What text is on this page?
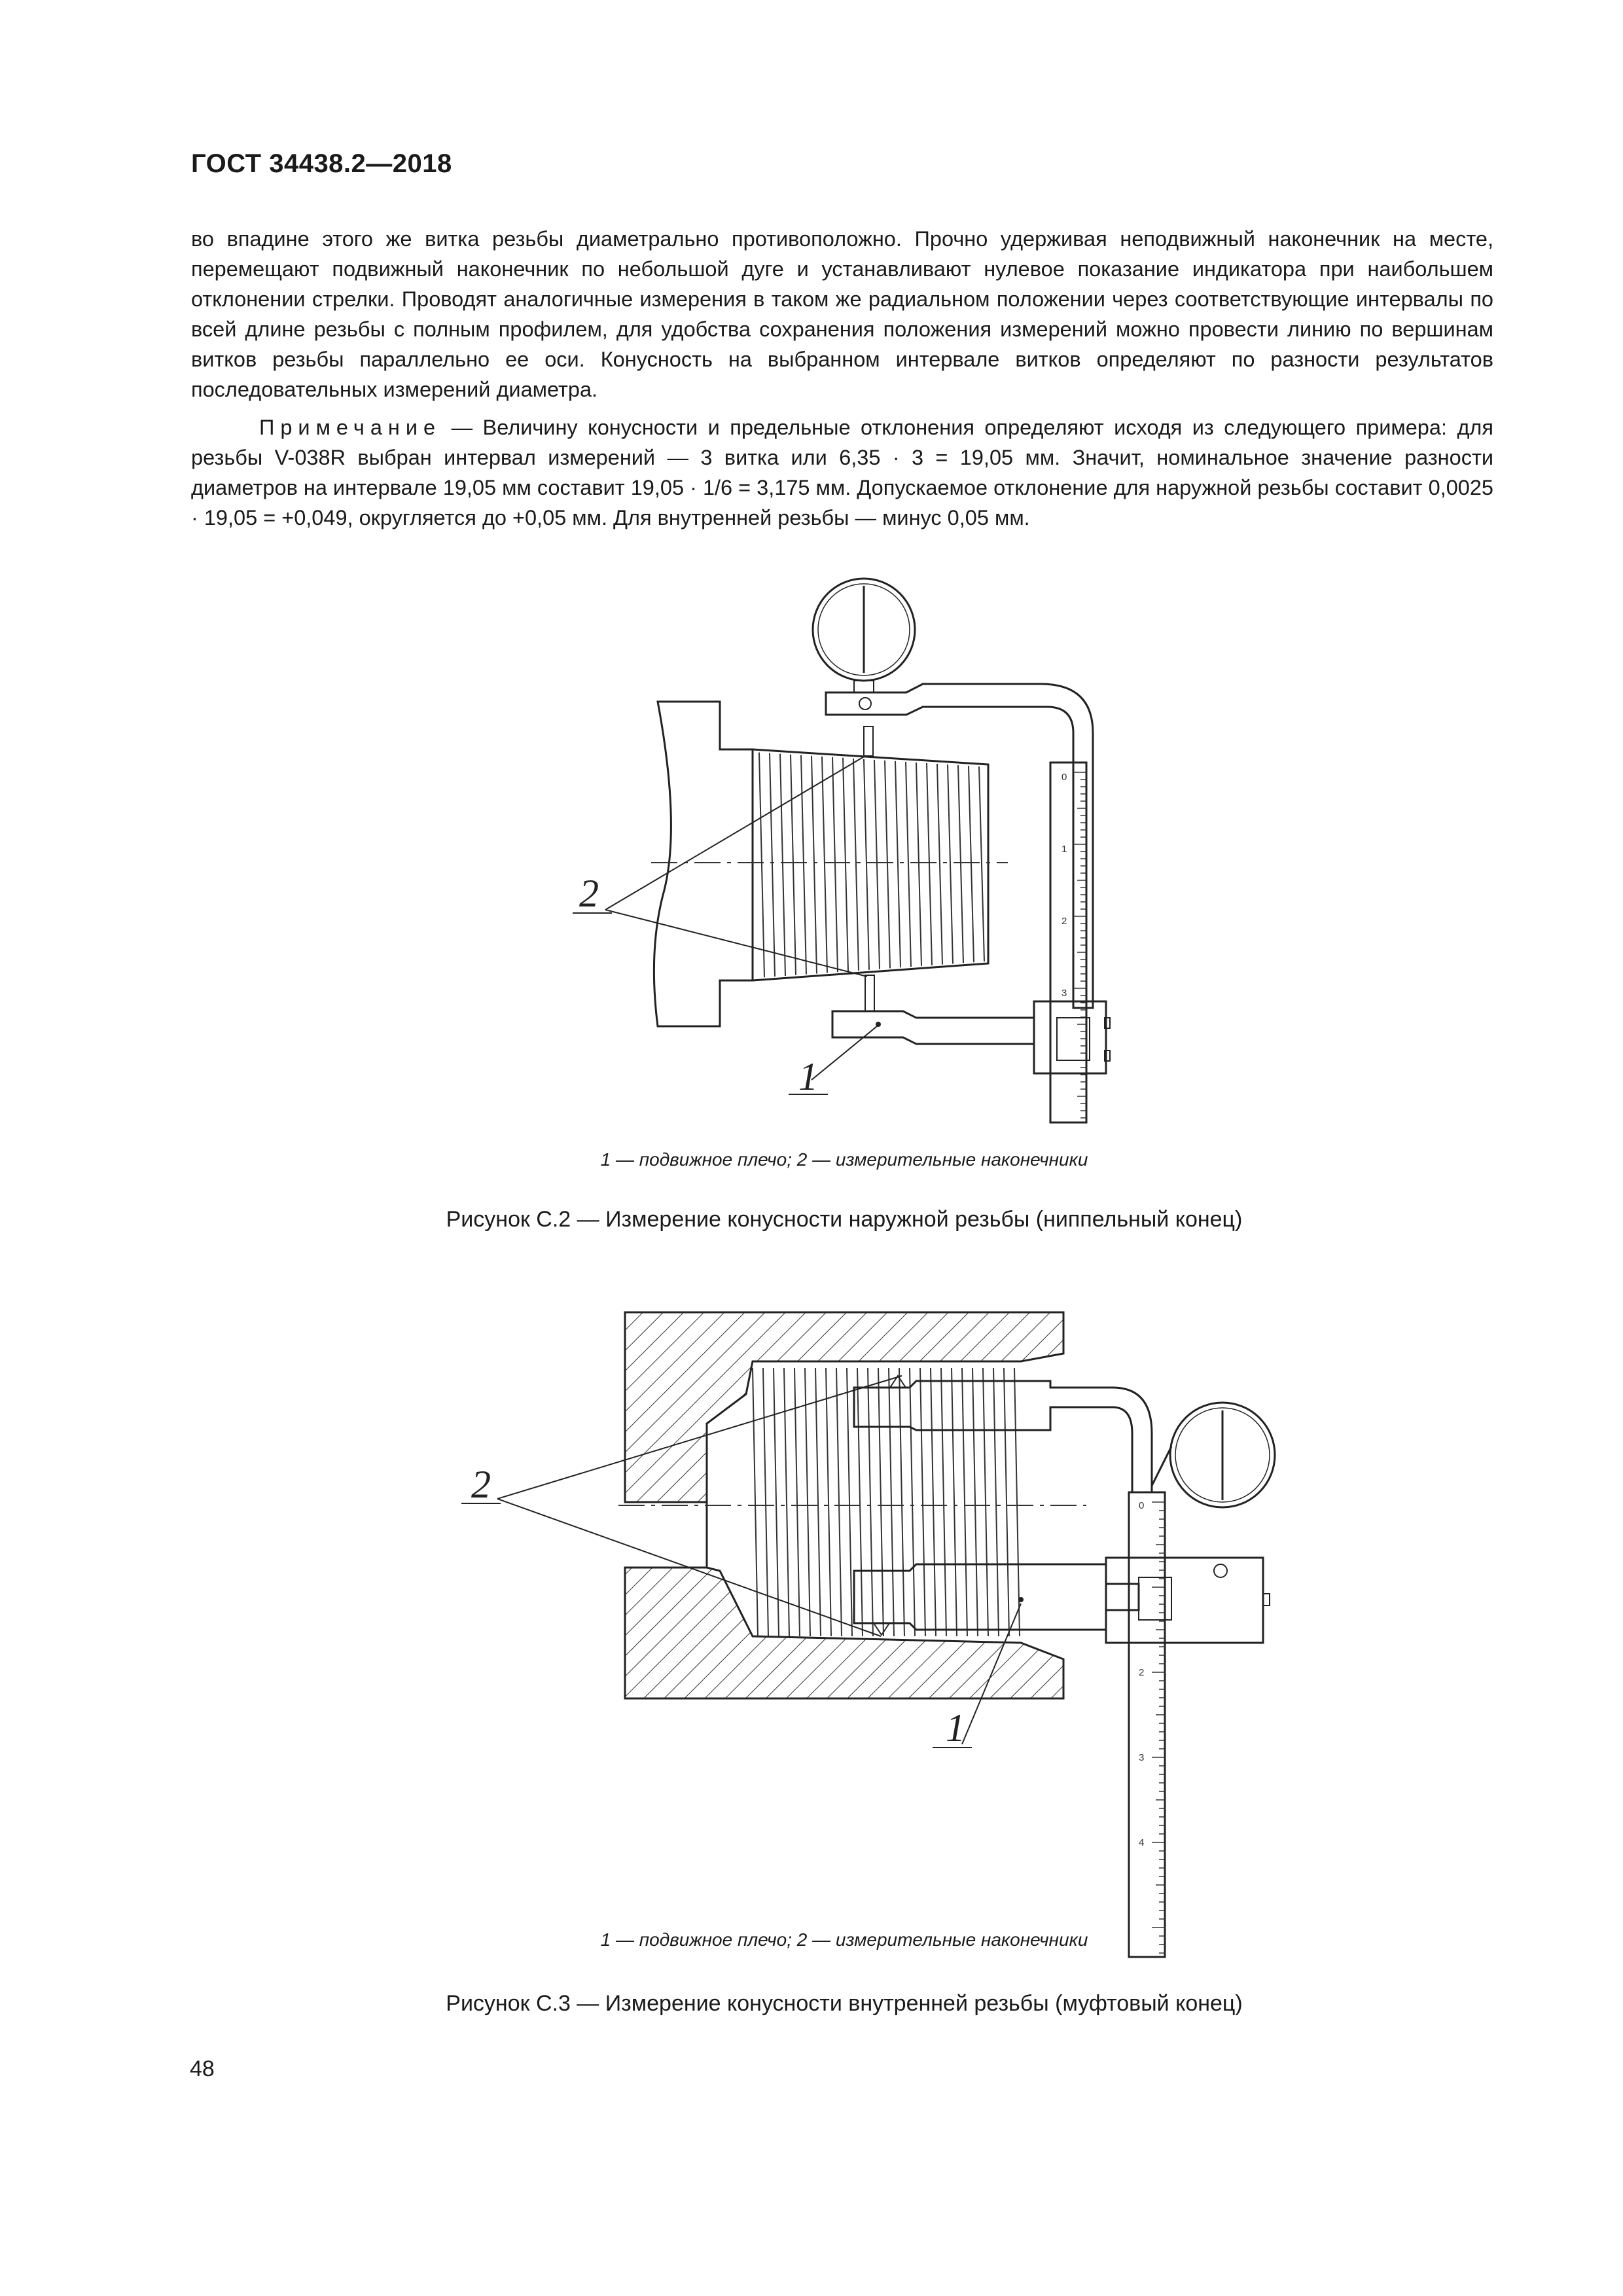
ГОСТ 34438.2—2018

во впадине этого же витка резьбы диаметрально противоположно. Прочно удерживая неподвижный наконечник на месте, перемещают подвижный наконечник по небольшой дуге и устанавливают нулевое показание индикатора при наибольшем отклонении стрелки. Проводят аналогичные измерения в таком же радиальном положении через соответствующие интервалы по всей длине резьбы с полным профилем, для удобства сохранения положения измерений можно провести линию по вершинам витков резьбы параллельно ее оси. Конусность на выбранном интервале витков определяют по разности результатов последовательных измерений диаметра.

Примечание — Величину конусности и предельные отклонения определяют исходя из следующего примера: для резьбы V-038R выбран интервал измерений — 3 витка или 6,35 · 3 = 19,05 мм. Значит, номинальное значение разности диаметров на интервале 19,05 мм составит 19,05 · 1/6 = 3,175 мм. Допускаемое отклонение для наружной резьбы составит 0,0025 · 19,05 = +0,049, округляется до +0,05 мм. Для внутренней резьбы — минус 0,05 мм.

0
1
2
3
2
1
1 — подвижное плечо; 2 — измерительные наконечники
Рисунок С.2 — Измерение конусности наружной резьбы (ниппельный конец)
0
2
3
4
2
1
1 — подвижное плечо; 2 — измерительные наконечники
Рисунок С.3 — Измерение конусности внутренней резьбы (муфтовый конец)
48
